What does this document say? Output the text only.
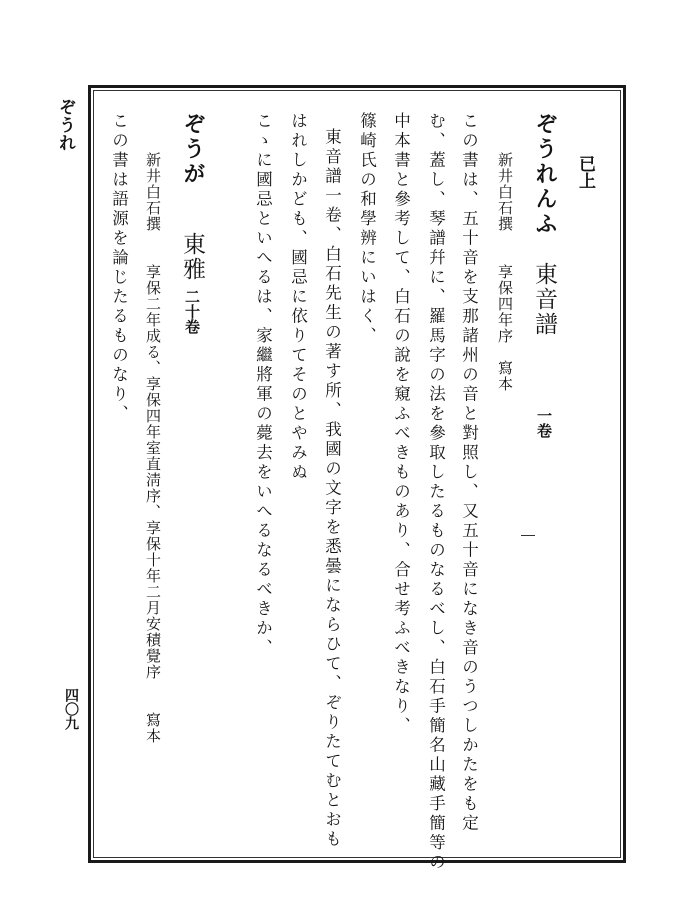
ぞうれ
四〇九
已上
ぞうれんふ
東音譜
一卷
新井白石撰　　享保四年序　寫本
この書は、五十音を支那諸州の音と對照し、又五十音になき音のうつしかたをも定
む、蓋し、琴譜幷に、羅馬字の法を參取したるものなるべし、白石手簡名山藏手簡等の
中本書と參考して、白石の說を窺ふべきものあり、合せ考ふべきなり、
篠崎氏の和學辨にいはく、
東音譜一卷、白石先生の著す所、我國の文字を悉曇にならひて、ぞりたてむとおも
はれしかども、國忌に依りてそのとやみぬ
こゝに國忌といへるは、家繼將軍の薨去をいへるなるべきか、
ぞうが
東雅
二十卷
新井白石撰　　享保二年成る、享保四年室直淸序、享保十年二月安積覺序　　寫本
この書は語源を論じたるものなり、
